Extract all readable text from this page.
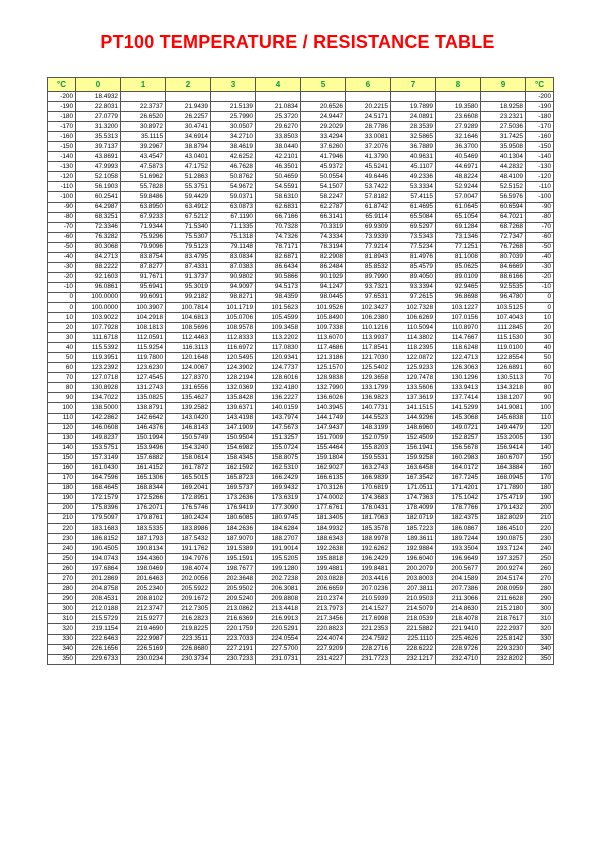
PT100 TEMPERATURE / RESISTANCE TABLE
°C	0	1	2	3	4	5	6	7	8	9	°C
-200	18.4932										-200
-190	22.8031	22.3737	21.9439	21.5139	21.0834	20.6526	20.2215	19.7899	19.3580	18.9258	-190
-180	27.0779	26.6520	26.2257	25.7990	25.3720	24.9447	24.5171	24.0891	23.6608	23.2321	-180
-170	31.3200	30.8972	30.4741	30.0507	29.6270	29.2029	28.7786	28.3539	27.9289	27.5036	-170
-160	35.5313	35.1115	34.6914	34.2710	33.8503	33.4294	33.0081	32.5865	32.1646	31.7425	-160
-150	39.7137	39.2967	38.8794	38.4619	38.0440	37.6260	37.2076	36.7889	36.3700	35.9508	-150
-140	43.8691	43.4547	43.0401	42.6252	42.2101	41.7946	41.3790	40.9631	40.5469	40.1304	-140
-130	47.9993	47.5873	47.1752	46.7628	46.3501	45.9372	45.5241	45.1107	44.6971	44.2832	-130
-120	52.1058	51.6962	51.2863	50.8762	50.4659	50.0554	49.6446	49.2336	48.8224	48.4109	-120
-110	56.1903	55.7828	55.3751	54.9672	54.5591	54.1507	53.7422	53.3334	52.9244	52.5152	-110
-100	60.2541	59.8486	59.4429	59.0371	58.6310	58.2247	57.8182	57.4115	57.0047	56.5976	-100
-90	64.2987	63.8950	63.4912	63.0873	62.6831	62.2787	61.8742	61.4695	61.0645	60.6594	-90
-80	68.3251	67.9233	67.5212	67.1190	66.7166	66.3141	65.9114	65.5084	65.1054	64.7021	-80
-70	72.3346	71.9344	71.5340	71.1335	70.7328	70.3319	69.9309	69.5297	69.1284	68.7268	-70
-60	76.3282	75.9296	75.5307	75.1318	74.7326	74.3334	73.9339	73.5343	73.1346	72.7347	-60
-50	80.3068	79.9096	79.5123	79.1148	78.7171	78.3194	77.9214	77.5234	77.1251	76.7268	-50
-40	84.2713	83.8754	83.4795	83.0834	82.6871	82.2908	81.8943	81.4976	81.1008	80.7039	-40
-30	88.2222	87.8277	87.4331	87.0383	86.6434	86.2484	85.8532	85.4579	85.0625	84.6669	-30
-20	92.1603	91.7671	91.3737	90.9802	90.5866	90.1929	89.7990	89.4050	89.0109	88.6166	-20
-10	96.0861	95.6941	95.3019	94.9097	94.5173	94.1247	93.7321	93.3394	92.9465	92.5535	-10
0	100.0000	99.6091	99.2182	98.8271	98.4359	98.0445	97.6531	97.2615	96.8698	96.4780	0
0	100.0000	100.3907	100.7814	101.1719	101.5623	101.9526	102.3427	102.7328	103.1227	103.5125	0
10	103.9022	104.2918	104.6813	105.0706	105.4599	105.8490	106.2380	106.6269	107.0156	107.4043	10
20	107.7928	108.1813	108.5696	108.9578	109.3458	109.7338	110.1216	110.5094	110.8970	111.2845	20
30	111.6718	112.0591	112.4463	112.8333	113.2202	113.6070	113.9937	114.3802	114.7667	115.1530	30
40	115.5392	115.9254	116.3113	116.6972	117.0830	117.4686	117.8541	118.2395	118.6248	119.0100	40
50	119.3951	119.7800	120.1648	120.5495	120.9341	121.3186	121.7030	122.0872	122.4713	122.8554	50
60	123.2392	123.6230	124.0067	124.3902	124.7737	125.1570	125.5402	125.9233	126.3063	126.6891	60
70	127.0718	127.4545	127.8370	128.2194	128.6016	128.9838	129.3658	129.7478	130.1296	130.5113	70
80	130.8928	131.2743	131.6556	132.0369	132.4180	132.7990	133.1799	133.5606	133.9413	134.3218	80
90	134.7022	135.0825	135.4627	135.8428	136.2227	136.6026	136.9823	137.3619	137.7414	138.1207	90
100	138.5000	138.8791	139.2582	139.6371	140.0159	140.3945	140.7731	141.1515	141.5299	141.9081	100
110	142.2862	142.6642	143.0420	143.4198	143.7974	144.1749	144.5523	144.9296	145.3068	145.6838	110
120	146.0608	146.4376	146.8143	147.1909	147.5673	147.9437	148.3199	148.6960	149.0721	149.4479	120
130	149.8237	150.1994	150.5749	150.9504	151.3257	151.7009	152.0759	152.4509	152.8257	153.2005	130
140	153.5751	153.9496	154.3240	154.6982	155.0724	155.4464	155.8203	156.1941	156.5678	156.9414	140
150	157.3149	157.6882	158.0614	158.4345	158.8075	159.1804	159.5531	159.9258	160.2983	160.6707	150
160	161.0430	161.4152	161.7872	162.1592	162.5310	162.9027	163.2743	163.6458	164.0172	164.3884	160
170	164.7596	165.1306	165.5015	165.8723	166.2429	166.6135	166.9839	167.3542	167.7245	168.0945	170
180	168.4645	168.8344	169.2041	169.5737	169.9432	170.3126	170.6819	171.0511	171.4201	171.7890	180
190	172.1579	172.5266	172.8951	173.2636	173.6319	174.0002	174.3683	174.7363	175.1042	175.4719	190
200	175.8396	176.2071	176.5746	176.9419	177.3090	177.6761	178.0431	178.4099	178.7766	179.1432	200
210	179.5097	179.8761	180.2424	180.6085	180.9745	181.3405	181.7063	182.0719	182.4375	182.8029	210
220	183.1683	183.5335	183.8986	184.2636	184.6284	184.9932	185.3578	185.7223	186.0867	186.4510	220
230	186.8152	187.1793	187.5432	187.9070	188.2707	188.6343	188.9978	189.3611	189.7244	190.0875	230
240	190.4505	190.8134	191.1762	191.5389	191.9014	192.2638	192.6262	192.9884	193.3504	193.7124	240
250	194.0743	194.4360	194.7976	195.1591	195.5205	195.8818	196.2429	196.6040	196.9649	197.3257	250
260	197.6864	198.0469	198.4074	198.7677	199.1280	199.4881	199.8481	200.2079	200.5677	200.9274	260
270	201.2869	201.6463	202.0056	202.3648	202.7238	203.0828	203.4416	203.8003	204.1589	204.5174	270
280	204.8758	205.2340	205.5922	205.9502	206.3081	206.6659	207.0236	207.3811	207.7386	208.0959	280
290	208.4531	208.8102	209.1672	209.5240	209.8808	210.2374	210.5939	210.9503	211.3066	211.6628	290
300	212.0188	212.3747	212.7305	213.0862	213.4418	213.7973	214.1527	214.5079	214.8630	215.2180	300
310	215.5729	215.9277	216.2823	216.6369	216.9913	217.3456	217.6998	218.0539	218.4078	218.7617	310
320	219.1154	219.4690	219.8225	220.1759	220.5291	220.8823	221.2353	221.5882	221.9410	222.2937	320
330	222.6463	222.9987	223.3511	223.7033	224.0554	224.4074	224.7592	225.1110	225.4626	225.8142	330
340	226.1656	226.5169	226.8680	227.2191	227.5700	227.9209	228.2716	228.6222	228.9726	229.3230	340
350	229.6733	230.0234	230.3734	230.7233	231.0731	231.4227	231.7723	232.1217	232.4710	232.8202	350
